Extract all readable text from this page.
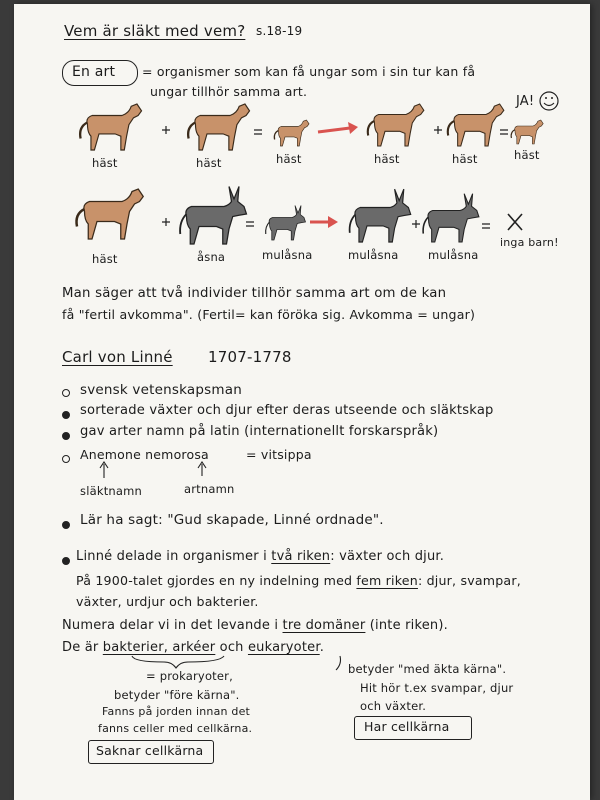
Vem är släkt med vem? s.18-19
En art = organismer som kan få ungar som i sin tur kan få
ungar tillhör samma art.
JA!
häst	häst	häst	häst	häst	häst
häst	åsna	mulåsna	mulåsna	mulåsna
inga barn!
Man säger att två individer tillhör samma art om de kan
få "fertil avkomma". (Fertil= kan föröka sig. Avkomma = ungar)
Carl von Linné 1707-1778
svensk vetenskapsman
sorterade växter och djur efter deras utseende och släktskap
gav arter namn på latin (internationellt forskarspråk)
Anemone nemorosa	= vitsippa
släktnamn	artnamn
Lär ha sagt: "Gud skapade, Linné ordnade".
Linné delade in organismer i två riken: växter och djur.
På 1900-talet gjordes en ny indelning med fem riken: djur, svampar,
växter, urdjur och bakterier.
Numera delar vi in det levande i tre domäner (inte riken).
De är bakterier, arkéer och eukaryoter.
= prokaryoter,
betyder "före kärna".
Fanns på jorden innan det
fanns celler med cellkärna.
Saknar cellkärna
betyder "med äkta kärna".
Hit hör t.ex svampar, djur
och växter.
Har cellkärna
